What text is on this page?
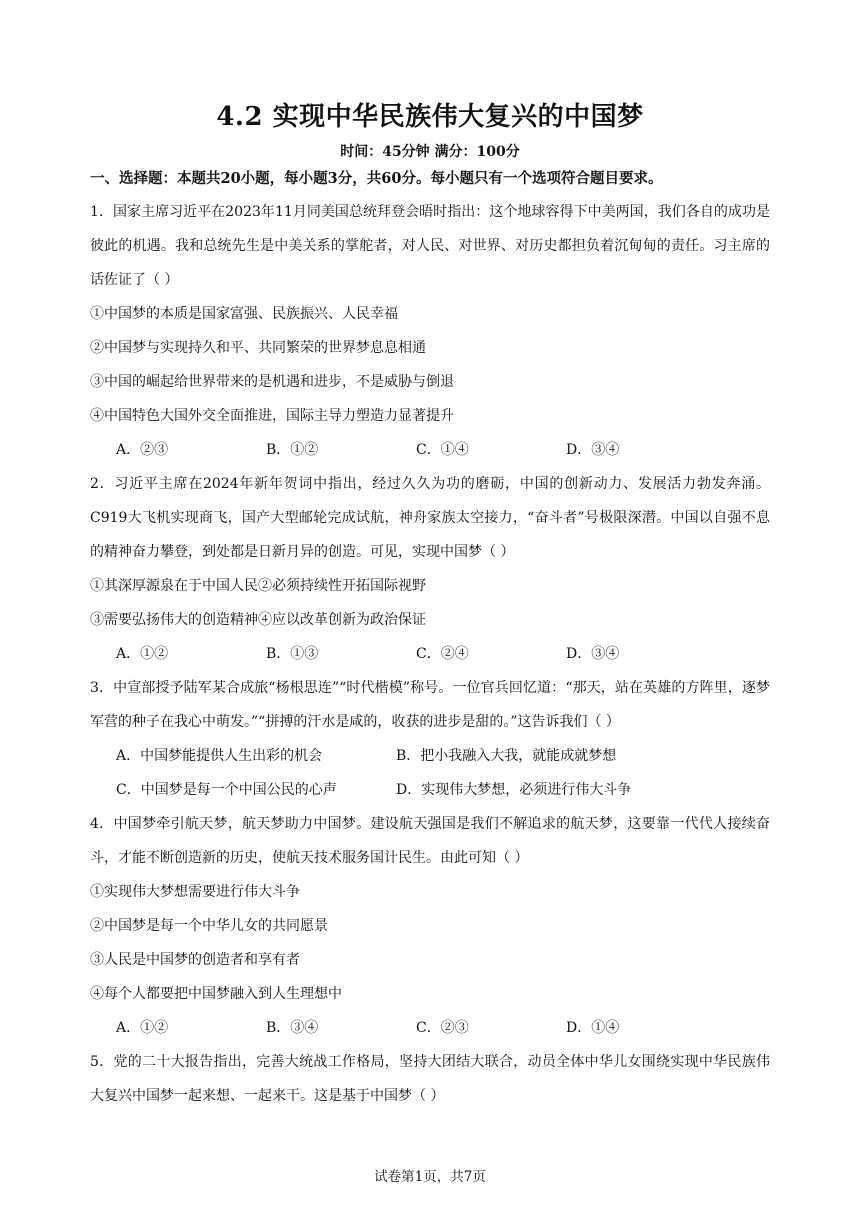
4.2 实现中华民族伟大复兴的中国梦
时间：45分钟 满分：100分
一、选择题：本题共20小题，每小题3分，共60分。每小题只有一个选项符合题目要求。

1．国家主席习近平在2023年11月同美国总统拜登会晤时指出：这个地球容得下中美两国，我们各自的成功是彼此的机遇。我和总统先生是中美关系的掌舵者，对人民、对世界、对历史都担负着沉甸甸的责任。习主席的话佐证了（ ）

①中国梦的本质是国家富强、民族振兴、人民幸福

②中国梦与实现持久和平、共同繁荣的世界梦息息相通

③中国的崛起给世界带来的是机遇和进步，不是威胁与倒退

④中国特色大国外交全面推进，国际主导力塑造力显著提升

A．②③	B．①②	C．①④	D．③④

2．习近平主席在2024年新年贺词中指出，经过久久为功的磨砺，中国的创新动力、发展活力勃发奔涌。C919大飞机实现商飞，国产大型邮轮完成试航，神舟家族太空接力，“奋斗者”号极限深潜。中国以自强不息的精神奋力攀登，到处都是日新月异的创造。可见，实现中国梦（ ）

①其深厚源泉在于中国人民②必须持续性开拓国际视野

③需要弘扬伟大的创造精神④应以改革创新为政治保证

A．①②	B．①③	C．②④	D．③④

3．中宣部授予陆军某合成旅“杨根思连”“时代楷模”称号。一位官兵回忆道：“那天，站在英雄的方阵里，逐梦军营的种子在我心中萌发。”“拼搏的汗水是咸的，收获的进步是甜的。”这告诉我们（ ）

A．中国梦能提供人生出彩的机会	B．把小我融入大我，就能成就梦想
C．中国梦是每一个中国公民的心声	D．实现伟大梦想，必须进行伟大斗争

4．中国梦牵引航天梦，航天梦助力中国梦。建设航天强国是我们不解追求的航天梦，这要靠一代代人接续奋斗，才能不断创造新的历史，使航天技术服务国计民生。由此可知（ ）

①实现伟大梦想需要进行伟大斗争

②中国梦是每一个中华儿女的共同愿景

③人民是中国梦的创造者和享有者

④每个人都要把中国梦融入到人生理想中

A．①②	B．③④	C．②③	D．①④

5．党的二十大报告指出，完善大统战工作格局，坚持大团结大联合，动员全体中华儿女围绕实现中华民族伟大复兴中国梦一起来想、一起来干。这是基于中国梦（ ）

试卷第1页，共7页
